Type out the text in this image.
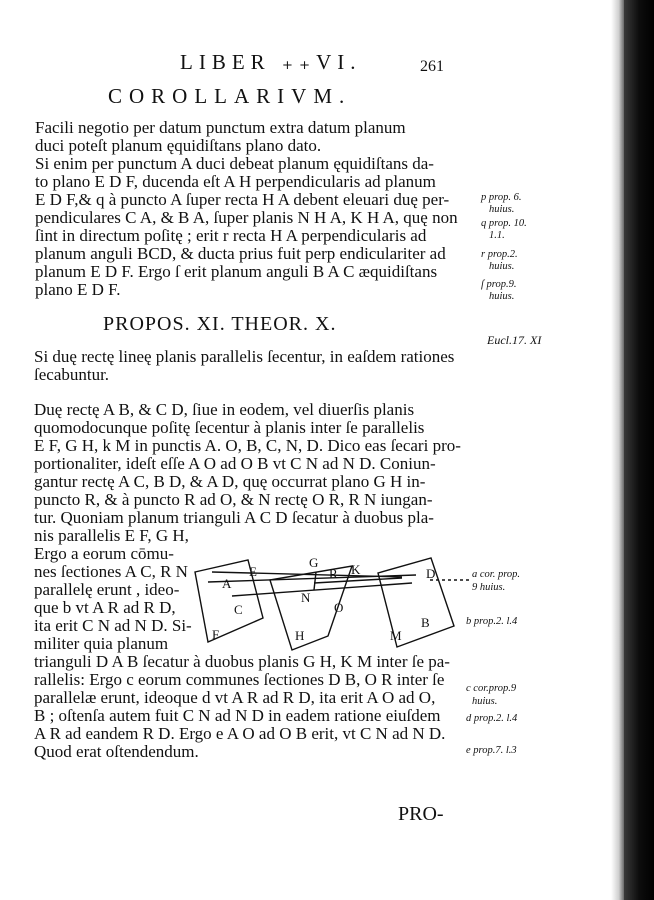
LIBER ₊₊VI.	261
COROLLARIVM.
Facili negotio per datum punctum extra datum planum
duci poteſt planum ęquidiſtans plano dato.
Si enim per punctum A duci debeat planum ęquidiſtans da-
to plano E D F, ducenda eſt A H perpendicularis ad planum
E D F,& q à puncto A ſuper recta H A debent eleuari duę per-
pendiculares C A, & B A, ſuper planis N H A, K H A, quę non
ſint in directum poſitę ; erit r recta H A perpendicularis ad
planum anguli BCD, & ducta prius fuit perp endiculariter ad
planum E D F. Ergo ſ erit planum anguli B A C æquidiſtans
plano E D F.
p prop. 6.
huius.
q prop. 10.
1.1.
r prop.2.
huius.
ſ prop.9.
huius.
PROPOS. XI. THEOR. X.
Eucl.17. XI
Si duę rectę lineę planis parallelis ſecentur, in eaſdem rationes
ſecabuntur.
Duę rectę A B, & C D, ſiue in eodem, vel diuerſis planis
quomodocunque poſitę ſecentur à planis inter ſe parallelis
E F, G H, k M in punctis A. O, B, C, N, D. Dico eas ſecari pro-
portionaliter, ideſt eſſe A O ad O B vt C N ad N D. Coniun-
gantur rectę A C, B D, & A D, quę occurrat plano G H in-
puncto R, & à puncto R ad O, & N rectę O R, R N iungan-
tur. Quoniam planum trianguli A C D ſecatur à duobus pla-
nis parallelis E F, G H,
Ergo a eorum cōmu-
nes ſectiones A C, R N
parallelę erunt , ideo-
que b vt A R ad R D,
ita erit C N ad N D. Si-
militer quia planum
A
E
C
F
G
R K
N
O
H
D
B
M
a cor. prop.
9 huius.
b prop.2. l.4
trianguli D A B ſecatur à duobus planis G H, K M inter ſe pa-
rallelis: Ergo c eorum communes ſectiones D B, O R inter ſe
parallelæ erunt, ideoque d vt A R ad R D, ita erit A O ad O,
B ; oſtenſa autem fuit C N ad N D in eadem ratione eiuſdem
A R ad eandem R D. Ergo e A O ad O B erit, vt C N ad N D.
Quod erat oſtendendum.
c cor.prop.9
huius.
d prop.2. l.4
e prop.7. l.3
PRO-
